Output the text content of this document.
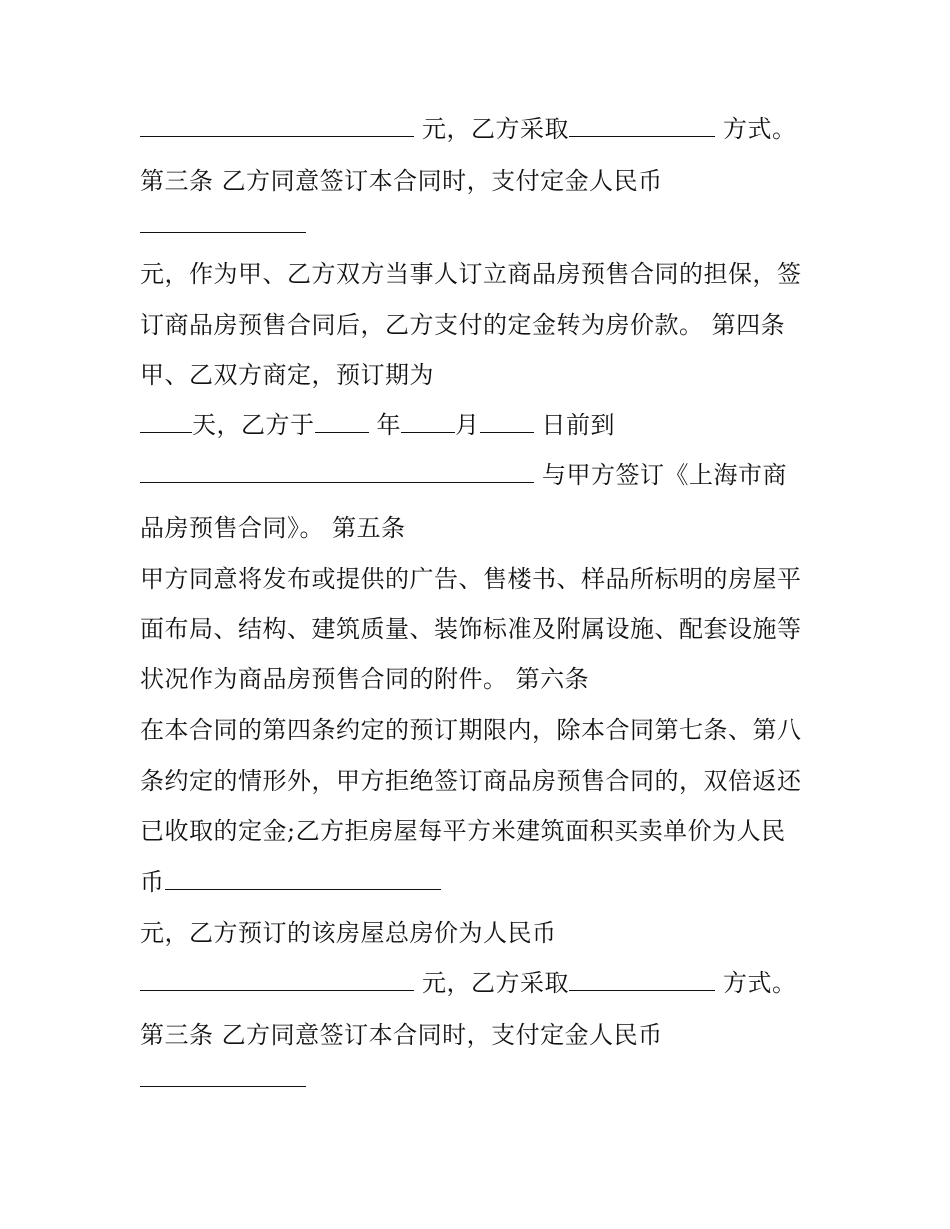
元，乙方采取	方式。
第三条 乙方同意签订本合同时，支付定金人民币
元，作为甲、乙方双方当事人订立商品房预售合同的担保，签
订商品房预售合同后，乙方支付的定金转为房价款。 第四条
甲、乙双方商定，预订期为
天，乙方于	年 月	日前到
与甲方签订《上海市商
品房预售合同》。 第五条
甲方同意将发布或提供的广告、售楼书、样品所标明的房屋平
面布局、结构、建筑质量、装饰标准及附属设施、配套设施等
状况作为商品房预售合同的附件。 第六条
在本合同的第四条约定的预订期限内，除本合同第七条、第八
条约定的情形外，甲方拒绝签订商品房预售合同的，双倍返还
已收取的定金;乙方拒房屋每平方米建筑面积买卖单价为人民
币
元，乙方预订的该房屋总房价为人民币
元，乙方采取	方式。
第三条 乙方同意签订本合同时，支付定金人民币
